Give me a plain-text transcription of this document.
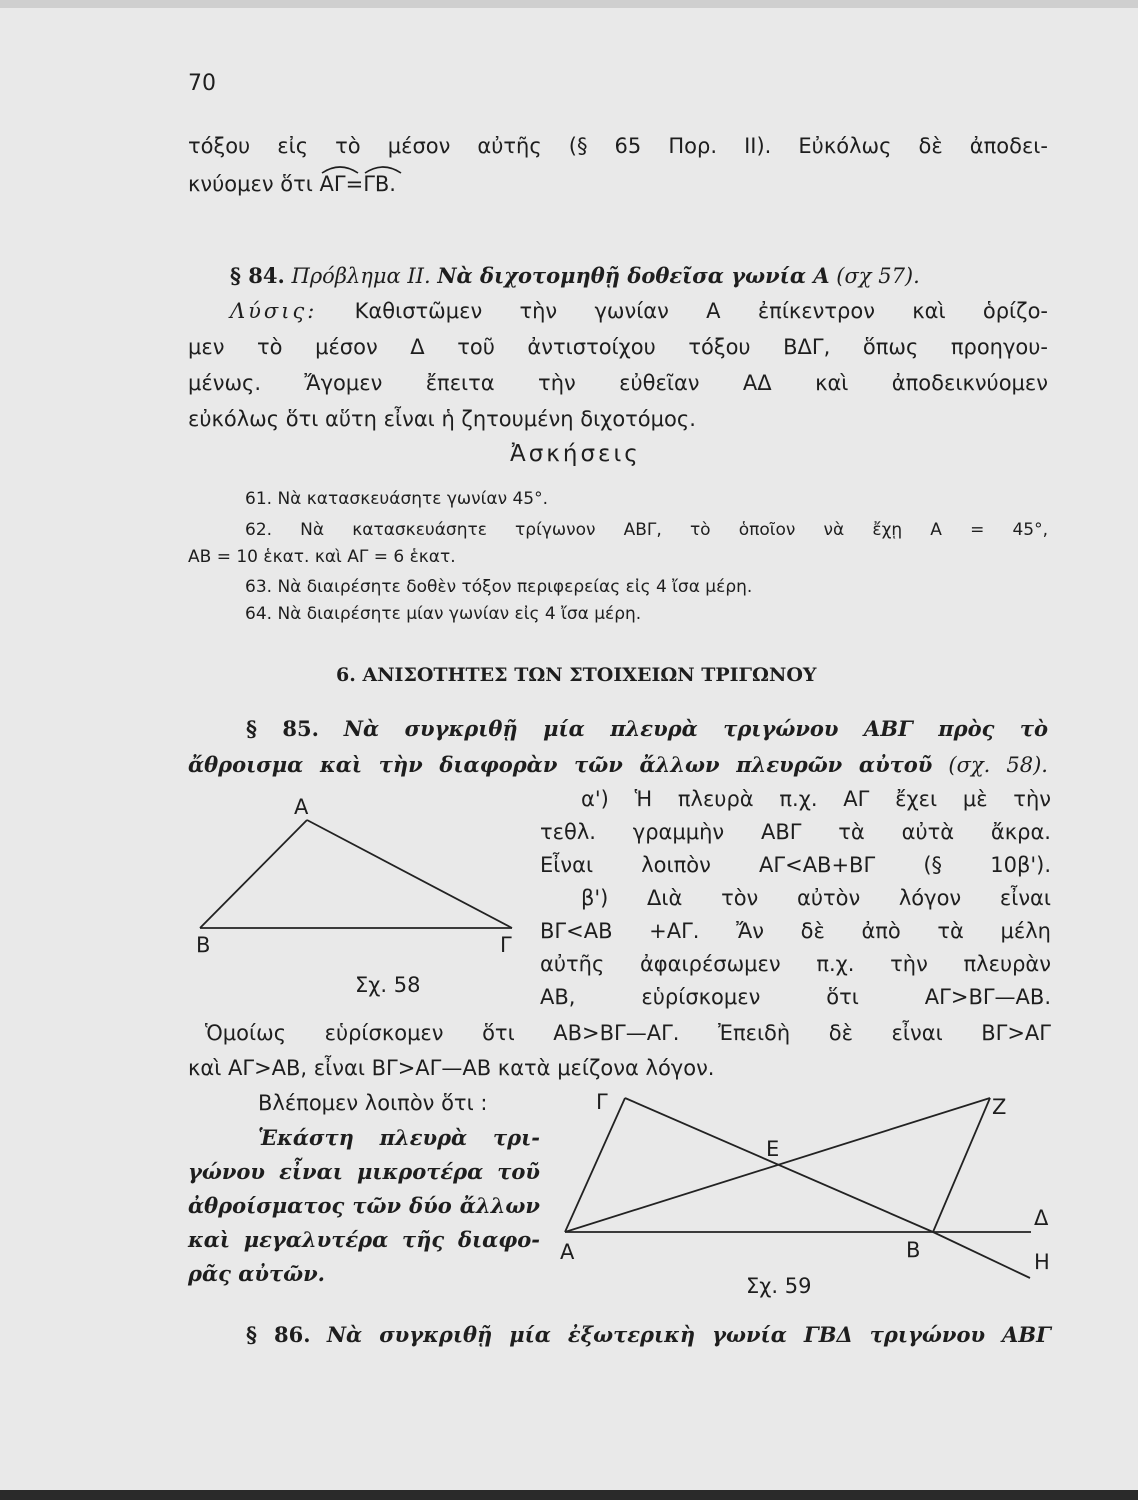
70
τόξου εἰς τὸ μέσον αὐτῆς (§ 65 Πορ. II). Εὐκόλως δὲ ἀποδει-
κνύομεν ὅτι
ΑΓ=
ΓΒ.
§ 84. Πρόβλημα II. Νὰ διχοτομηθῇ δοθεῖσα γωνία Α (σχ 57).
Λύσις: Καθιστῶμεν τὴν γωνίαν Α ἐπίκεντρον καὶ ὁρίζο-
μεν τὸ μέσον Δ τοῦ ἀντιστοίχου τόξου ΒΔΓ, ὅπως προηγου-
μένως. Ἄγομεν ἔπειτα τὴν εὐθεῖαν ΑΔ καὶ ἀποδεικνύομεν
εὐκόλως ὅτι αὕτη εἶναι ἡ ζητουμένη διχοτόμος.
Ἀσκήσεις
61. Νὰ κατασκευάσητε γωνίαν 45°.
62. Νὰ κατασκευάσητε τρίγωνον ΑΒΓ, τὸ ὁποῖον νὰ ἔχῃ Α = 45°,
ΑΒ = 10 ἑκατ. καὶ ΑΓ = 6 ἑκατ.
63. Νὰ διαιρέσητε δοθὲν τόξον περιφερείας εἰς 4 ἴσα μέρη.
64. Νὰ διαιρέσητε μίαν γωνίαν εἰς 4 ἴσα μέρη.
6. ΑΝΙΣΟΤΗΤΕΣ ΤΩΝ ΣΤΟΙΧΕΙΩΝ ΤΡΙΓΩΝΟΥ
§ 85. Νὰ συγκριθῇ μία πλευρὰ τριγώνου ΑΒΓ πρὸς τὸ
ἄθροισμα καὶ τὴν διαφορὰν τῶν ἄλλων πλευρῶν αὐτοῦ (σχ. 58).
α') Ἡ πλευρὰ π.χ. ΑΓ ἔχει μὲ τὴν
τεθλ. γραμμὴν ΑΒΓ τὰ αὐτὰ ἄκρα.
Εἶναι λοιπὸν ΑΓ<ΑΒ+ΒΓ (§ 10β').
β') Διὰ τὸν αὐτὸν λόγον εἶναι
ΒΓ<ΑΒ +ΑΓ. Ἄν δὲ ἀπὸ τὰ μέλη
αὐτῆς ἀφαιρέσωμεν π.χ. τὴν πλευρὰν
ΑΒ, εὑρίσκομεν ὅτι ΑΓ>ΒΓ—ΑΒ.
Α
Β	Γ
Σχ. 58
Ὁμοίως εὑρίσκομεν ὅτι ΑΒ>ΒΓ—ΑΓ. Ἐπειδὴ δὲ εἶναι ΒΓ>ΑΓ
καὶ ΑΓ>ΑΒ, εἶναι ΒΓ>ΑΓ—ΑΒ κατὰ μείζονα λόγον.
Βλέπομεν λοιπὸν ὅτι :
Ἑκάστη πλευρὰ τρι-
γώνου εἶναι μικροτέρα τοῦ
ἀθροίσματος τῶν δύο ἄλλων
καὶ μεγαλυτέρα τῆς διαφο-
ρᾶς αὐτῶν.
Γ	Ζ
Ε
Α	Β
Δ
Η
Σχ. 59
§ 86. Νὰ συγκριθῇ μία ἐξωτερικὴ γωνία ΓΒΔ τριγώνου ΑΒΓ
